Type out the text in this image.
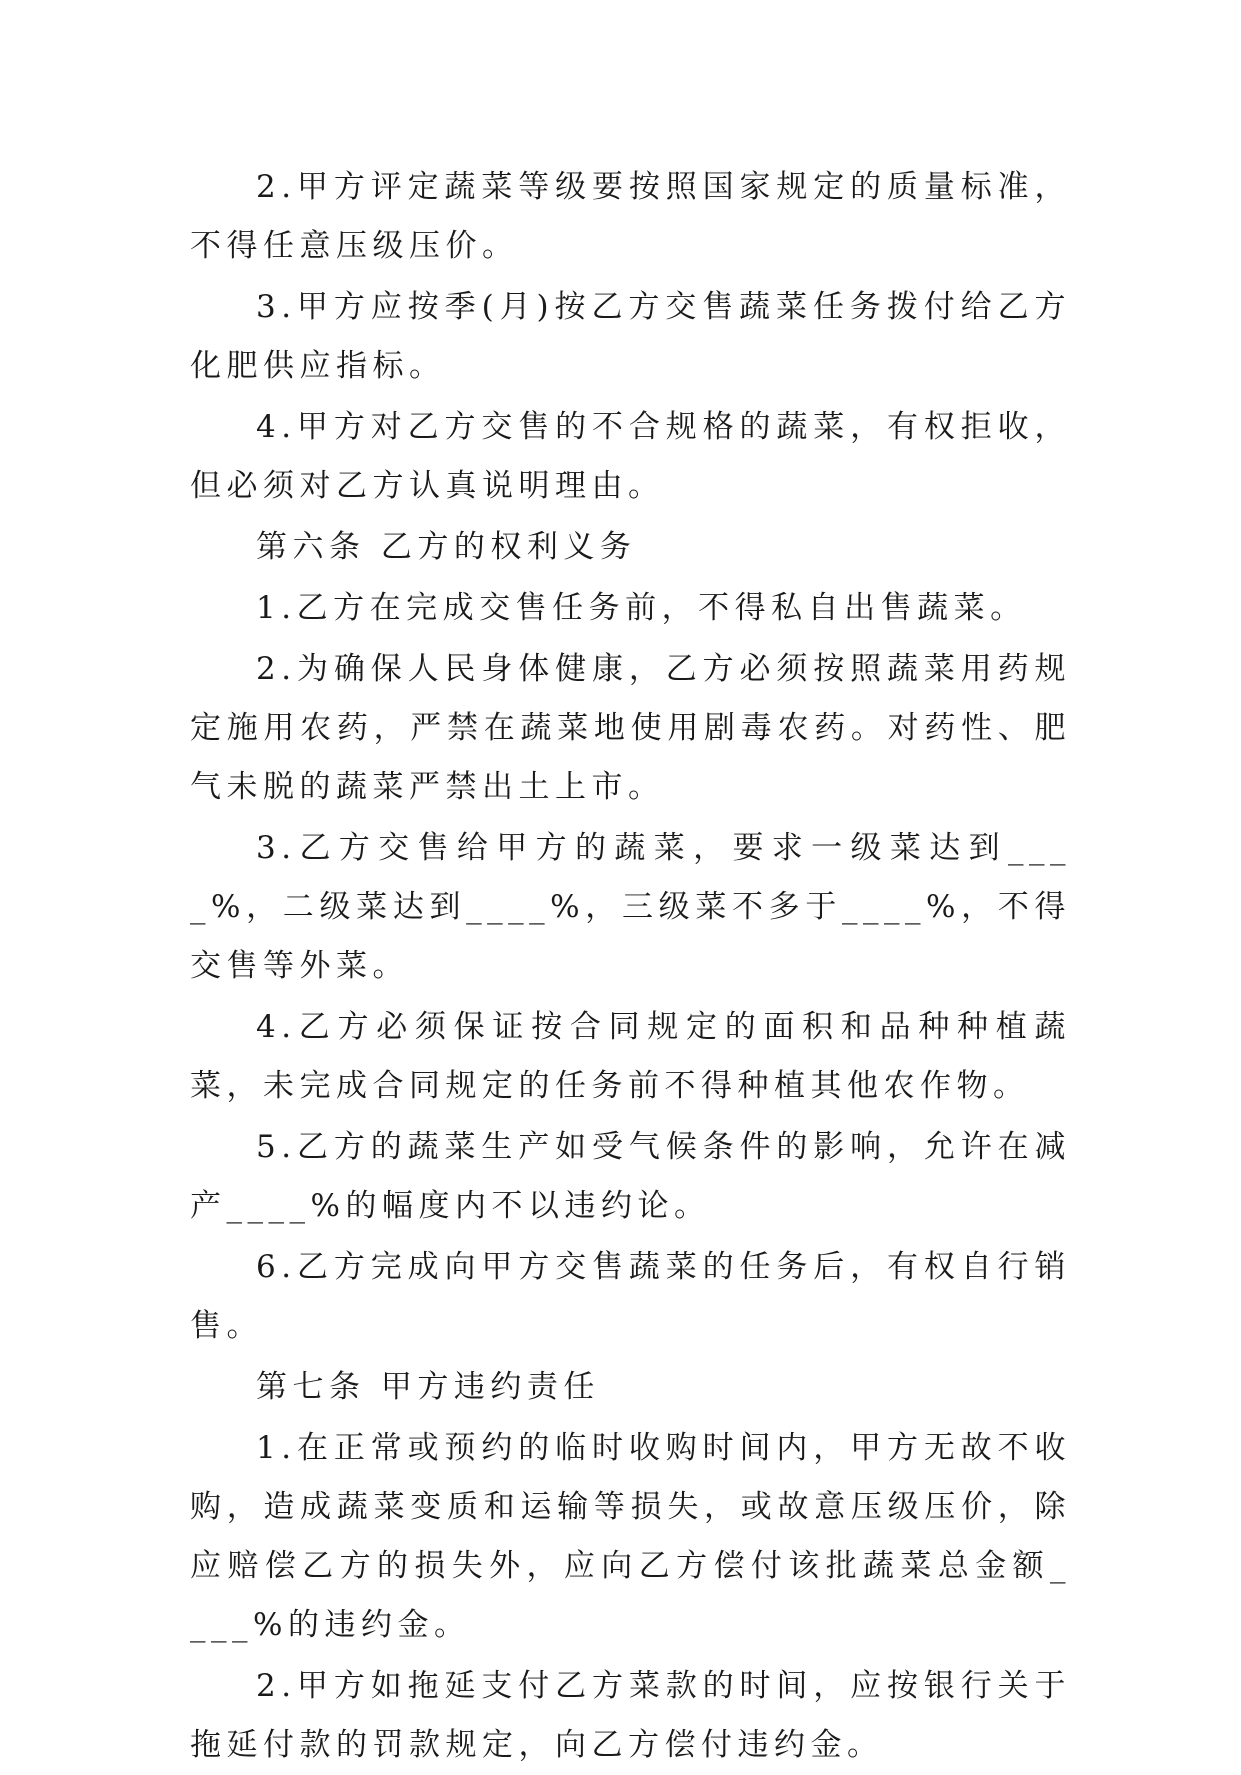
2.甲方评定蔬菜等级要按照国家规定的质量标准，不得任意压级压价。

3.甲方应按季(月)按乙方交售蔬菜任务拨付给乙方化肥供应指标。

4.甲方对乙方交售的不合规格的蔬菜，有权拒收，但必须对乙方认真说明理由。

第六条 乙方的权利义务

1.乙方在完成交售任务前，不得私自出售蔬菜。

2.为确保人民身体健康，乙方必须按照蔬菜用药规定施用农药，严禁在蔬菜地使用剧毒农药。对药性、肥气未脱的蔬菜严禁出土上市。

3.乙方交售给甲方的蔬菜，要求一级菜达到____%，二级菜达到____%，三级菜不多于____%，不得交售等外菜。

4.乙方必须保证按合同规定的面积和品种种植蔬菜，未完成合同规定的任务前不得种植其他农作物。

5.乙方的蔬菜生产如受气候条件的影响，允许在减产____%的幅度内不以违约论。

6.乙方完成向甲方交售蔬菜的任务后，有权自行销售。

第七条 甲方违约责任

1.在正常或预约的临时收购时间内，甲方无故不收购，造成蔬菜变质和运输等损失，或故意压级压价，除应赔偿乙方的损失外，应向乙方偿付该批蔬菜总金额____%的违约金。

2.甲方如拖延支付乙方菜款的时间，应按银行关于拖延付款的罚款规定，向乙方偿付违约金。
